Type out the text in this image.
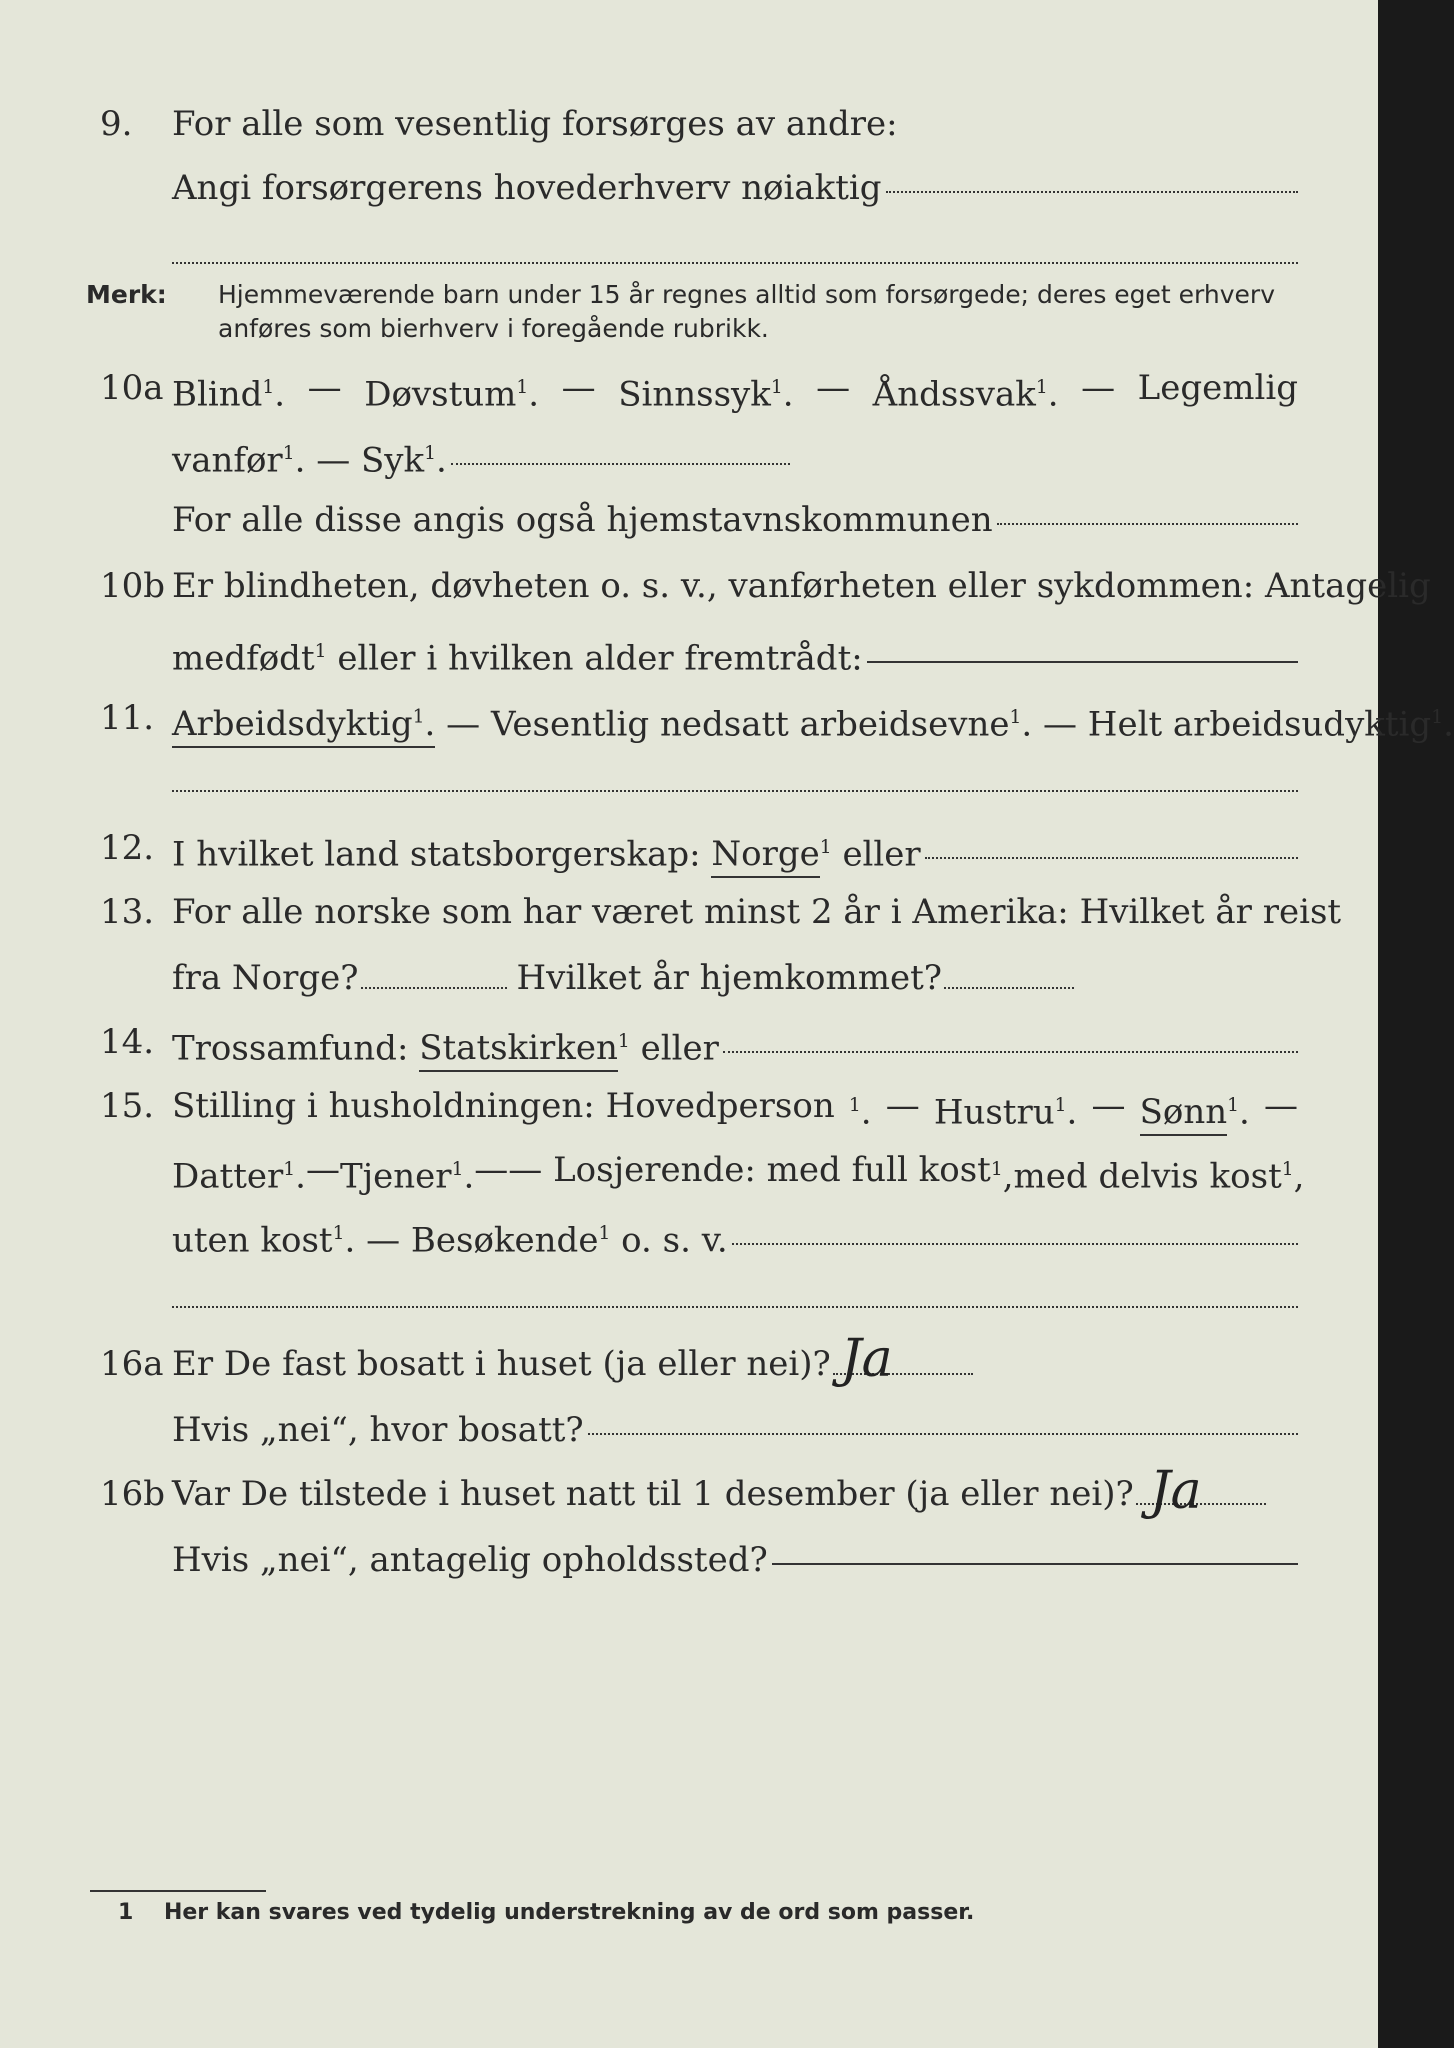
9.	For alle som vesentlig forsørges av andre:
Angi forsørgerens hovederhverv nøiaktig
Merk: Hjemmeværende barn under 15 år regnes alltid som forsørgede; deres eget erhverv
anføres som bierhverv i foregående rubrikk.
10a Blind$^1$. — Døvstum$^1$. — Sinnssyk$^1$. — Åndssvak$^1$. — Legemlig
vanfør$^1$. — Syk$^1$.
For alle disse angis også hjemstavnskommunen
10b Er blindheten, døvheten o. s. v., vanførheten eller sykdommen: Antagelig
medfødt$^1$ eller i hvilken alder fremtrådt:
11. Arbeidsdyktig$^1$. — Vesentlig nedsatt arbeidsevne$^1$. — Helt arbeidsudyktig$^1$.
12. I hvilket land statsborgerskap: Norge$^1$ eller
13. For alle norske som har været minst 2 år i Amerika: Hvilket år reist
fra Norge?	Hvilket år hjemkommet?
14. Trossamfund: Statskirken$^1$ eller
15. Stilling i husholdningen: Hovedperson $^1$. — Hustru$^1$. — Sønn$^1$. —
Datter$^1$. — Tjener$^1$. — — Losjerende: med full kost $^1$, med delvis kost$^1$,
uten kost$^1$. — Besøkende$^1$ o. s. v.
16a Er De fast bosatt i huset (ja eller nei)? Ja
Hvis „nei“, hvor bosatt?
16b Var De tilstede i huset natt til 1 desember (ja eller nei)? Ja
Hvis „nei“, antagelig opholdssted?
1 Her kan svares ved tydelig understrekning av de ord som passer.
